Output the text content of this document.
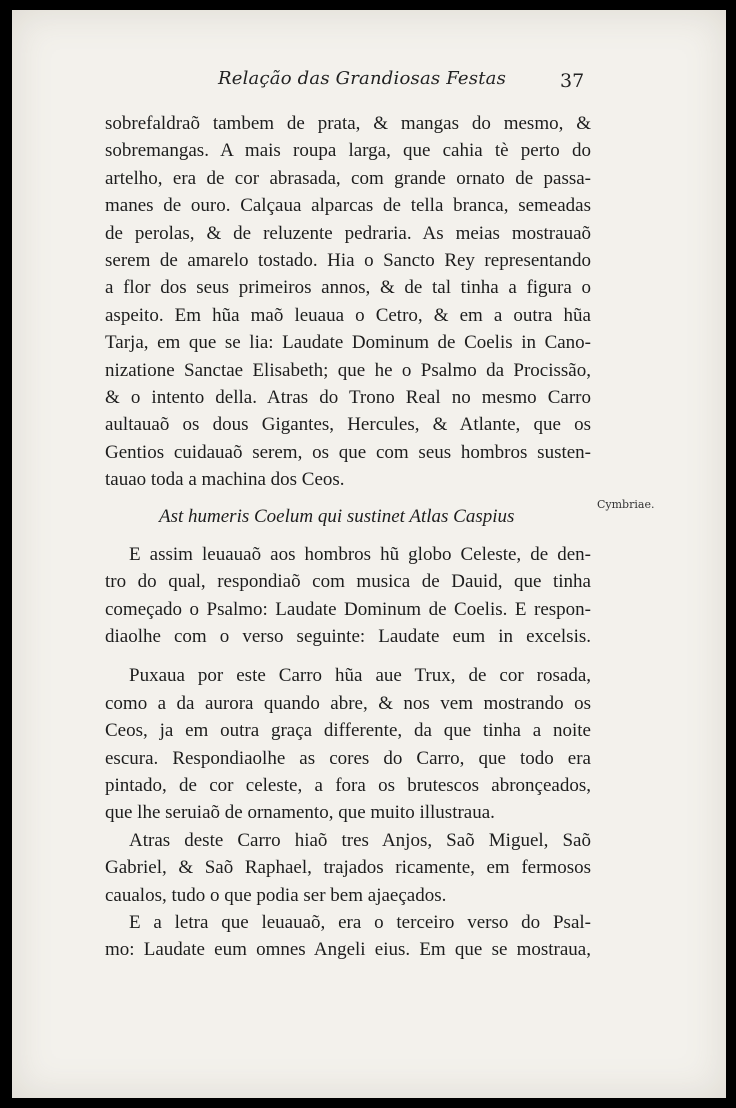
Relação das Grandiosas Festas	37
sobrefaldraõ tambem de prata, & mangas do mesmo, &
sobremangas. A mais roupa larga, que cahia tè perto do
artelho, era de cor abrasada, com grande ornato de passa-
manes de ouro. Calçaua alparcas de tella branca, semeadas
de perolas, & de reluzente pedraria. As meias mostrauaõ
serem de amarelo tostado. Hia o Sancto Rey representando
a flor dos seus primeiros annos, & de tal tinha a figura o
aspeito. Em hũa maõ leuaua o Cetro, & em a outra hũa
Tarja, em que se lia: Laudate Dominum de Coelis in Cano-
nizatione Sanctae Elisabeth; que he o Psalmo da Procissão,
& o intento della. Atras do Trono Real no mesmo Carro
aultauaõ os dous Gigantes, Hercules, & Atlante, que os
Gentios cuidauaõ serem, os que com seus hombros susten-
tauao toda a machina dos Ceos.
Ast humeris Coelum qui sustinet Atlas Caspius
E assim leuauaõ aos hombros hũ globo Celeste, de den-
tro do qual, respondiaõ com musica de Dauid, que tinha
começado o Psalmo: Laudate Dominum de Coelis. E respon-
diaolhe com o verso seguinte: Laudate eum in excelsis.
Puxaua por este Carro hũa aue Trux, de cor rosada,
como a da aurora quando abre, & nos vem mostrando os
Ceos, ja em outra graça differente, da que tinha a noite
escura. Respondiaolhe as cores do Carro, que todo era
pintado, de cor celeste, a fora os brutescos abronçeados,
que lhe seruiaõ de ornamento, que muito illustraua.
Atras deste Carro hiaõ tres Anjos, Saõ Miguel, Saõ
Gabriel, & Saõ Raphael, trajados ricamente, em fermosos
caualos, tudo o que podia ser bem ajaeçados.
E a letra que leuauaõ, era o terceiro verso do Psal-
mo: Laudate eum omnes Angeli eius. Em que se mostraua,
Cymbriae.
